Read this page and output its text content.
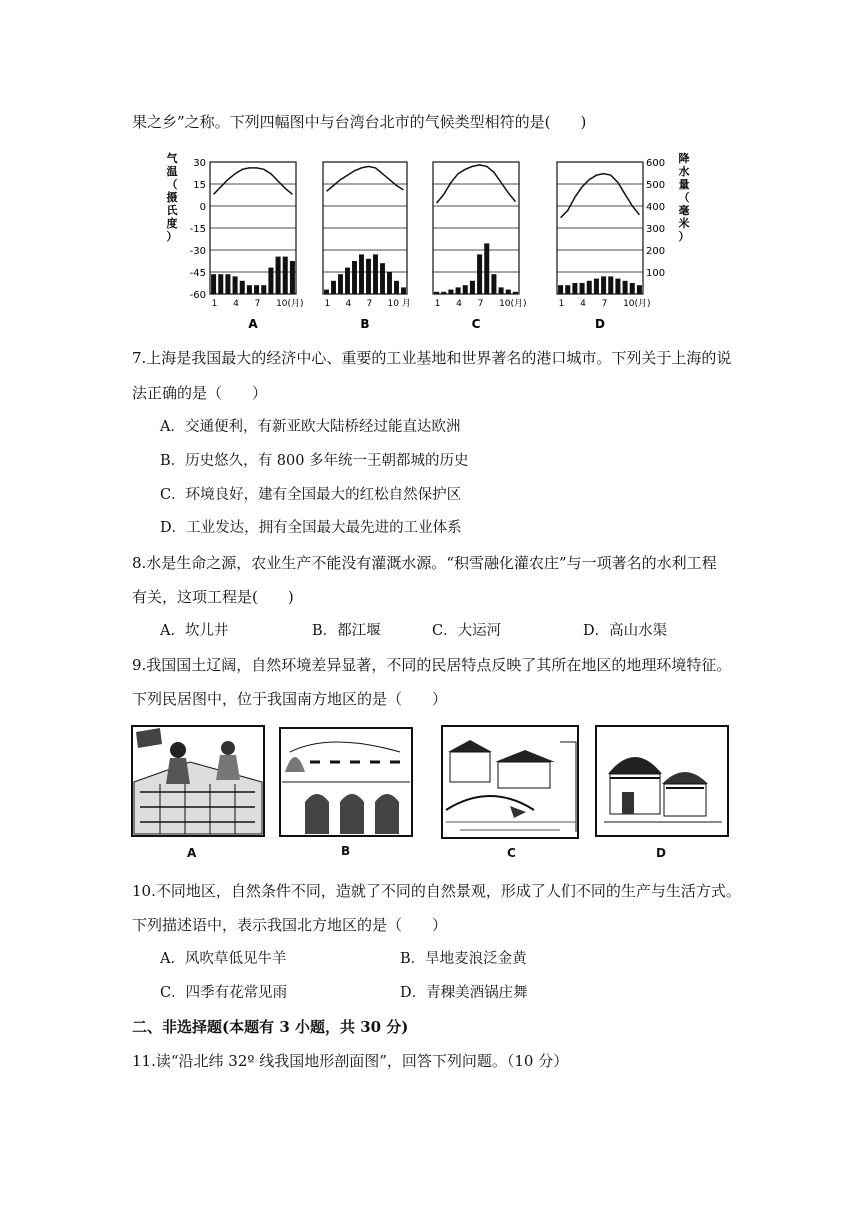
果之乡”之称。下列四幅图中与台湾台北市的气候类型相符的是(　　)
气
温
（
摄
氏
度
）
降
水
量
（
毫
米
）
30
15
0
-15
-30
-45
-60
600
500
400
300
200
100
1 4 7 10(月)
A
1 4 7 10 月
B
1 4 7 10(月)
C
1 4 7 10(月)
D
7.上海是我国最大的经济中心、重要的工业基地和世界著名的港口城市。下列关于上海的说
法正确的是（　　）
A．交通便利，有新亚欧大陆桥经过能直达欧洲
B．历史悠久，有 800 多年统一王朝都城的历史
C．环境良好，建有全国最大的红松自然保护区
D．工业发达，拥有全国最大最先进的工业体系
8.水是生命之源，农业生产不能没有灌溉水源。“积雪融化灌农庄”与一项著名的水利工程
有关，这项工程是(　　)
A．坎儿井	B．都江堰	C．大运河	D．高山水渠
9.我国国土辽阔，自然环境差异显著，不同的民居特点反映了其所在地区的地理环境特征。
下列民居图中，位于我国南方地区的是（　　）
A	B	C	D
10.不同地区，自然条件不同，造就了不同的自然景观，形成了人们不同的生产与生活方式。
下列描述语中，表示我国北方地区的是（　　）
A．风吹草低见牛羊	B．旱地麦浪泛金黄
C．四季有花常见雨	D．青稞美酒锅庄舞
二、非选择题(本题有 3 小题，共 30 分)
11.读“沿北纬 32º 线我国地形剖面图”，回答下列问题。（10 分）
